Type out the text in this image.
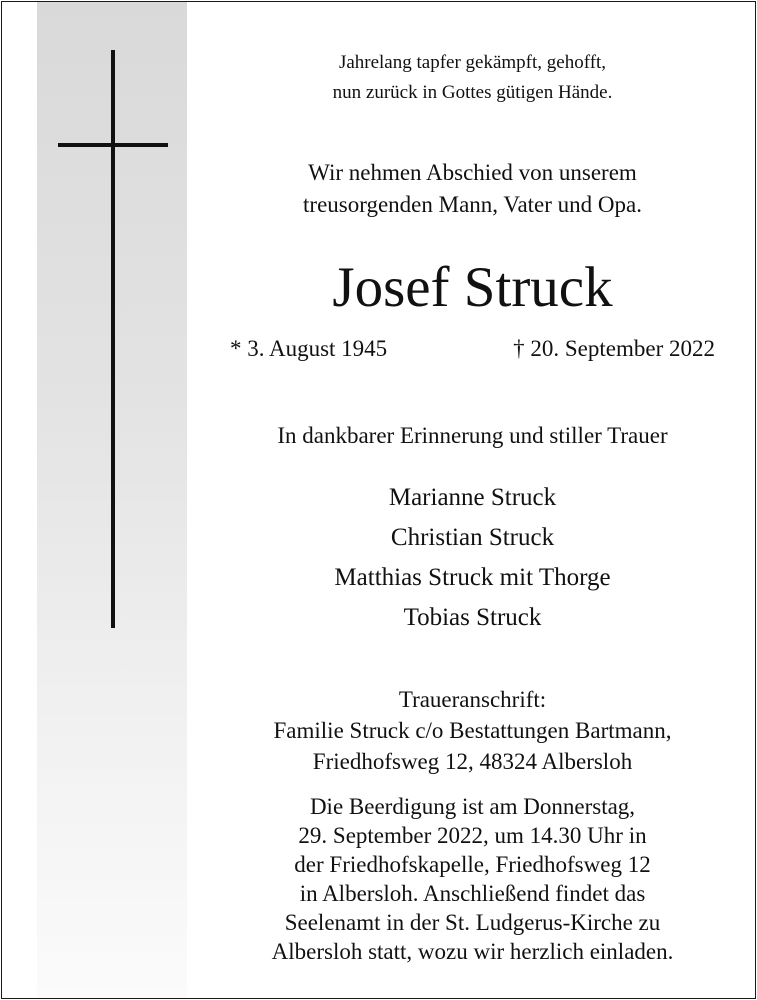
Jahrelang tapfer gekämpft, gehofft,
nun zurück in Gottes gütigen Hände.
Wir nehmen Abschied von unserem
treusorgenden Mann, Vater und Opa.
Josef Struck
* 3. August 1945	† 20. September 2022
In dankbarer Erinnerung und stiller Trauer
Marianne Struck
Christian Struck
Matthias Struck mit Thorge
Tobias Struck
Traueranschrift:
Familie Struck c/o Bestattungen Bartmann,
Friedhofsweg 12, 48324 Albersloh
Die Beerdigung ist am Donnerstag,
29. September 2022, um 14.30 Uhr in
der Friedhofskapelle, Friedhofsweg 12
in Albersloh. Anschließend findet das
Seelenamt in der St. Ludgerus-Kirche zu
Albersloh statt, wozu wir herzlich einladen.
